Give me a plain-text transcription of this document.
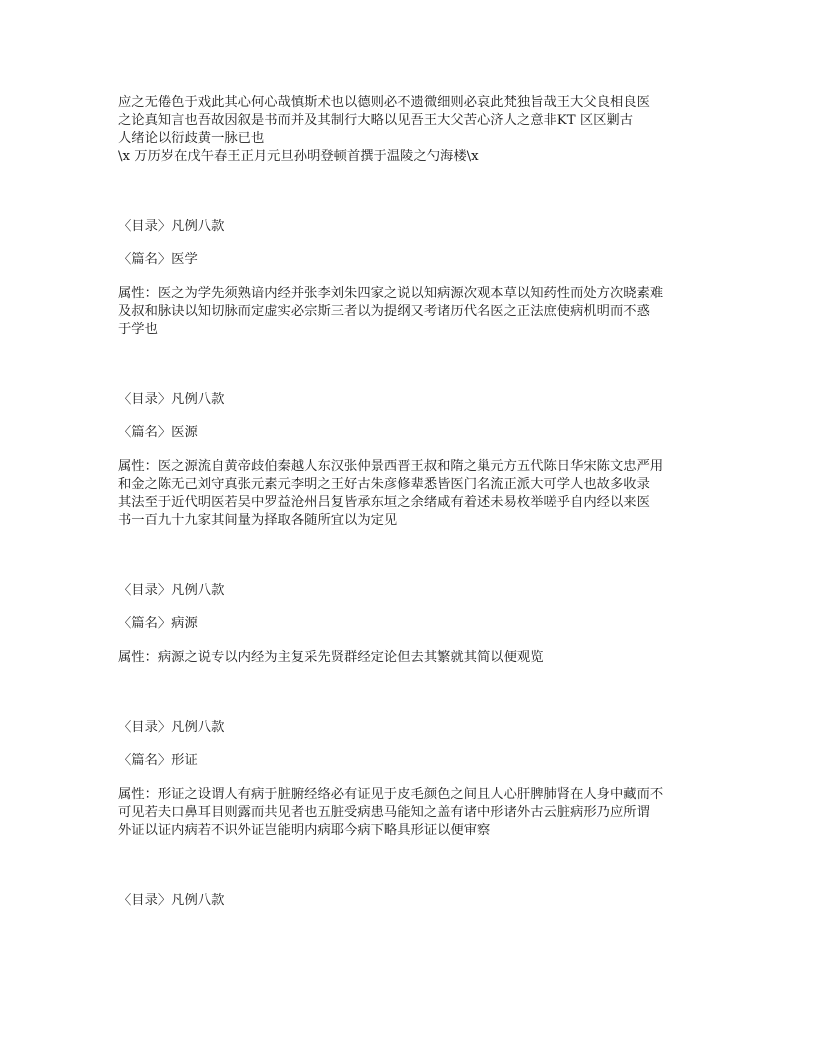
应之无倦色于戏此其心何心哉慎斯术也以德则必不遗微细则必哀此梵独旨哉王大父良相良医
之论真知言也吾故因叙是书而并及其制行大略以见吾王大父苦心济人之意非KT 区区剿古
人绪论以衍歧黄一脉已也
\x 万历岁在戊午春王正月元旦孙明登顿首撰于温陵之勺海楼\x

〈目录〉凡例八款

〈篇名〉医学

属性：医之为学先须熟谙内经并张李刘朱四家之说以知病源次观本草以知药性而处方次晓素难
及叔和脉诀以知切脉而定虚实必宗斯三者以为提纲又考诸历代名医之正法庶使病机明而不惑
于学也

〈目录〉凡例八款

〈篇名〉医源

属性：医之源流自黄帝歧伯秦越人东汉张仲景西晋王叔和隋之巢元方五代陈日华宋陈文忠严用
和金之陈无己刘守真张元素元李明之王好古朱彦修辈悉皆医门名流正派大可学人也故多收录
其法至于近代明医若吴中罗益沧州吕复皆承东垣之余绪咸有着述未易枚举嗟乎自内经以来医
书一百九十九家其间量为择取各随所宜以为定见

〈目录〉凡例八款

〈篇名〉病源

属性：病源之说专以内经为主复采先贤群经定论但去其繁就其简以便观览

〈目录〉凡例八款

〈篇名〉形证

属性：形证之设谓人有病于脏腑经络必有证见于皮毛颜色之间且人心肝脾肺肾在人身中藏而不
可见若夫口鼻耳目则露而共见者也五脏受病患马能知之盖有诸中形诸外古云脏病形乃应所谓
外证以证内病若不识外证岂能明内病耶今病下略具形证以便审察

〈目录〉凡例八款
